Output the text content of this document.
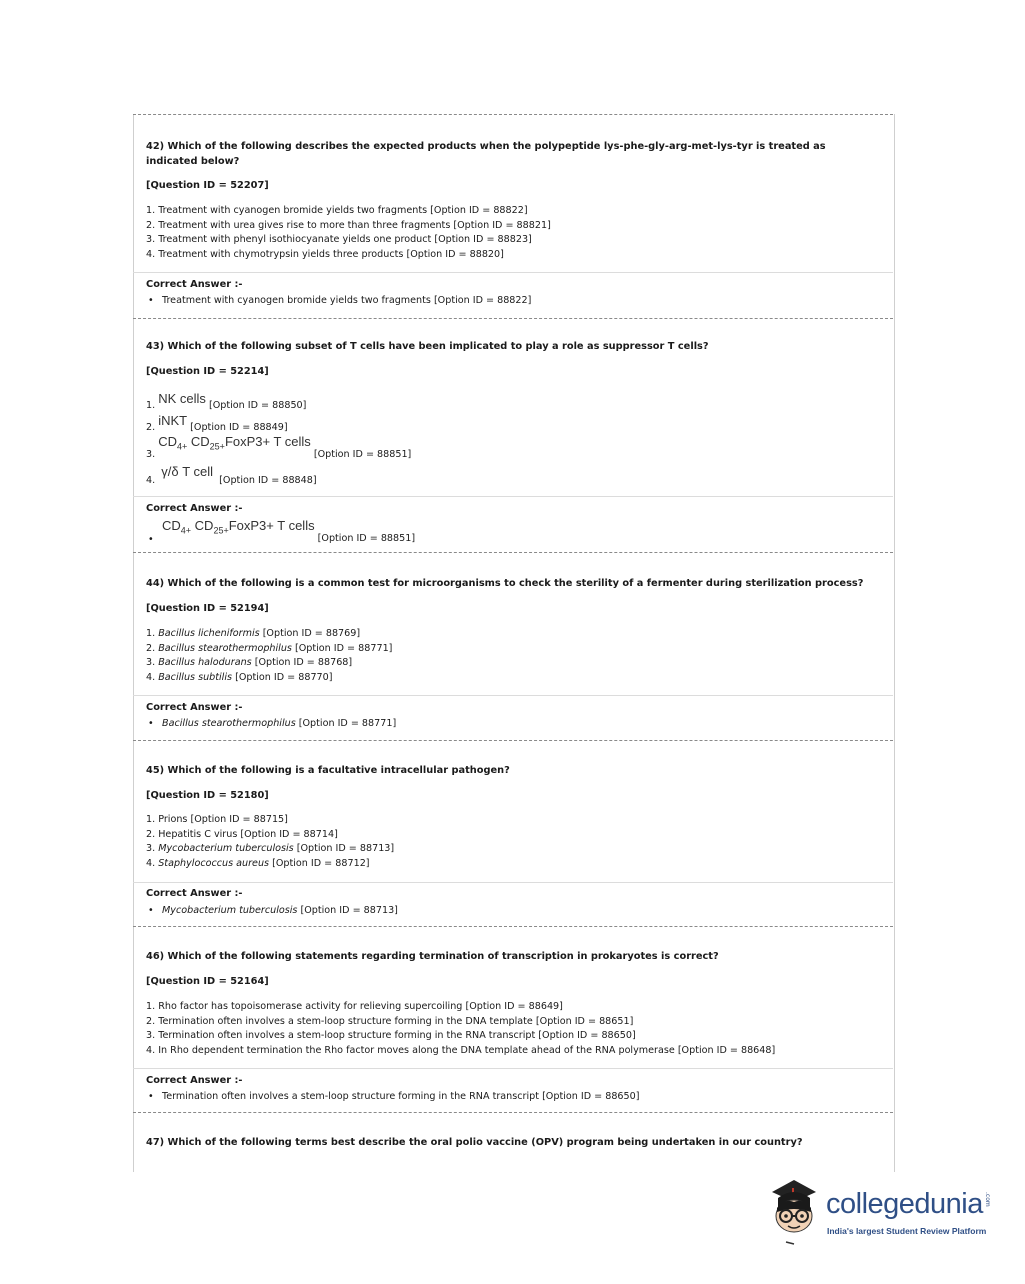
42) Which of the following describes the expected products when the polypeptide lys-phe-gly-arg-met-lys-tyr is treated as indicated below?
[Question ID = 52207]
1. Treatment with cyanogen bromide yields two fragments [Option ID = 88822]
2. Treatment with urea gives rise to more than three fragments [Option ID = 88821]
3. Treatment with phenyl isothiocyanate yields one product [Option ID = 88823]
4. Treatment with chymotrypsin yields three products [Option ID = 88820]
Correct Answer :-
• Treatment with cyanogen bromide yields two fragments [Option ID = 88822]
43) Which of the following subset of T cells have been implicated to play a role as suppressor T cells?
[Question ID = 52214]
1. NK cells [Option ID = 88850]
2. iNKT [Option ID = 88849]
3. $CD_{4+}$ $CD_{25+}FoxP3+ T$ cells [Option ID = 88851]
4.  γ/δ T cell  [Option ID = 88848]
Correct Answer :-
$•CD_{4+}$ $CD_{25+}FoxP3+ T$ cells [Option ID = 88851]
44) Which of the following is a common test for microorganisms to check the sterility of a fermenter during sterilization process?
[Question ID = 52194]
1. Bacillus licheniformis [Option ID = 88769]
2. Bacillus stearothermophilus [Option ID = 88771]
3. Bacillus halodurans [Option ID = 88768]
4. Bacillus subtilis [Option ID = 88770]
Correct Answer :-
• Bacillus stearothermophilus [Option ID = 88771]
45) Which of the following is a facultative intracellular pathogen?
[Question ID = 52180]
1. Prions [Option ID = 88715]
2. Hepatitis C virus [Option ID = 88714]
3. Mycobacterium tuberculosis [Option ID = 88713]
4. Staphylococcus aureus [Option ID = 88712]
Correct Answer :-
• Mycobacterium tuberculosis [Option ID = 88713]
46) Which of the following statements regarding termination of transcription in prokaryotes is correct?
[Question ID = 52164]
1. Rho factor has topoisomerase activity for relieving supercoiling [Option ID = 88649]
2. Termination often involves a stem-loop structure forming in the DNA template [Option ID = 88651]
3. Termination often involves a stem-loop structure forming in the RNA transcript [Option ID = 88650]
4. In Rho dependent termination the Rho factor moves along the DNA template ahead of the RNA polymerase [Option ID = 88648]
Correct Answer :-
• Termination often involves a stem-loop structure forming in the RNA transcript [Option ID = 88650]
47) Which of the following terms best describe the oral polio vaccine (OPV) program being undertaken in our country?
collegedunia .com
India's largest Student Review Platform
